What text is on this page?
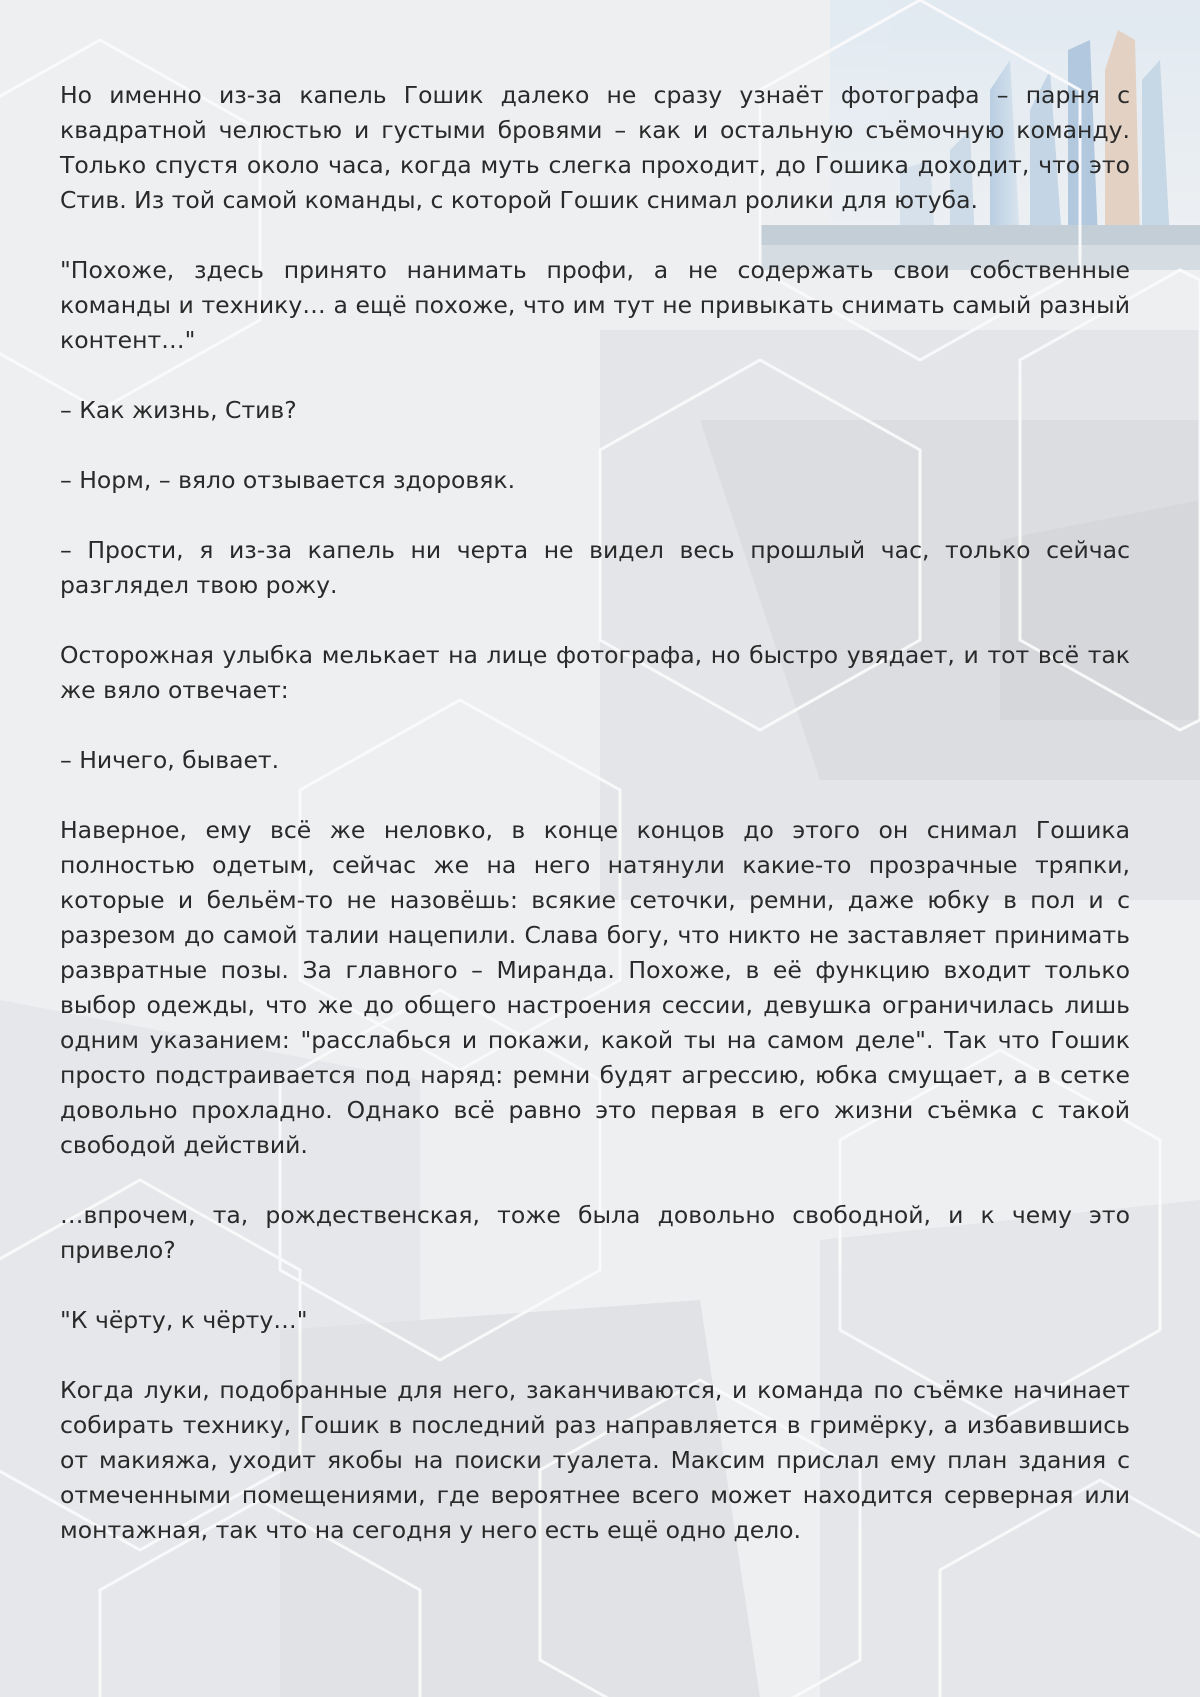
Но именно из-за капель Гошик далеко не сразу узнаёт фотографа – парня с квадратной челюстью и густыми бровями – как и остальную съёмочную команду. Только спустя около часа, когда муть слегка проходит, до Гошика доходит, что это Стив. Из той самой команды, с которой Гошик снимал ролики для ютуба.

"Похоже, здесь принято нанимать профи, а не содержать свои собственные команды и технику… а ещё похоже, что им тут не привыкать снимать самый разный контент…"

– Как жизнь, Стив?

– Норм, – вяло отзывается здоровяк.

– Прости, я из-за капель ни черта не видел весь прошлый час, только сейчас разглядел твою рожу.

Осторожная улыбка мелькает на лице фотографа, но быстро увядает, и тот всё так же вяло отвечает:

– Ничего, бывает.

Наверное, ему всё же неловко, в конце концов до этого он снимал Гошика полностью одетым, сейчас же на него натянули какие-то прозрачные тряпки, которые и бельём-то не назовёшь: всякие сеточки, ремни, даже юбку в пол и с разрезом до самой талии нацепили. Слава богу, что никто не заставляет принимать развратные позы. За главного – Миранда. Похоже, в её функцию входит только выбор одежды, что же до общего настроения сессии, девушка ограничилась лишь одним указанием: "расслабься и покажи, какой ты на самом деле". Так что Гошик просто подстраивается под наряд: ремни будят агрессию, юбка смущает, а в сетке довольно прохладно. Однако всё равно это первая в его жизни съёмка с такой свободой действий.

…впрочем, та, рождественская, тоже была довольно свободной, и к чему это привело?

"К чёрту, к чёрту…"

Когда луки, подобранные для него, заканчиваются, и команда по съёмке начинает собирать технику, Гошик в последний раз направляется в гримёрку, а избавившись от макияжа, уходит якобы на поиски туалета. Максим прислал ему план здания с отмеченными помещениями, где вероятнее всего может находится серверная или монтажная, так что на сегодня у него есть ещё одно дело.
